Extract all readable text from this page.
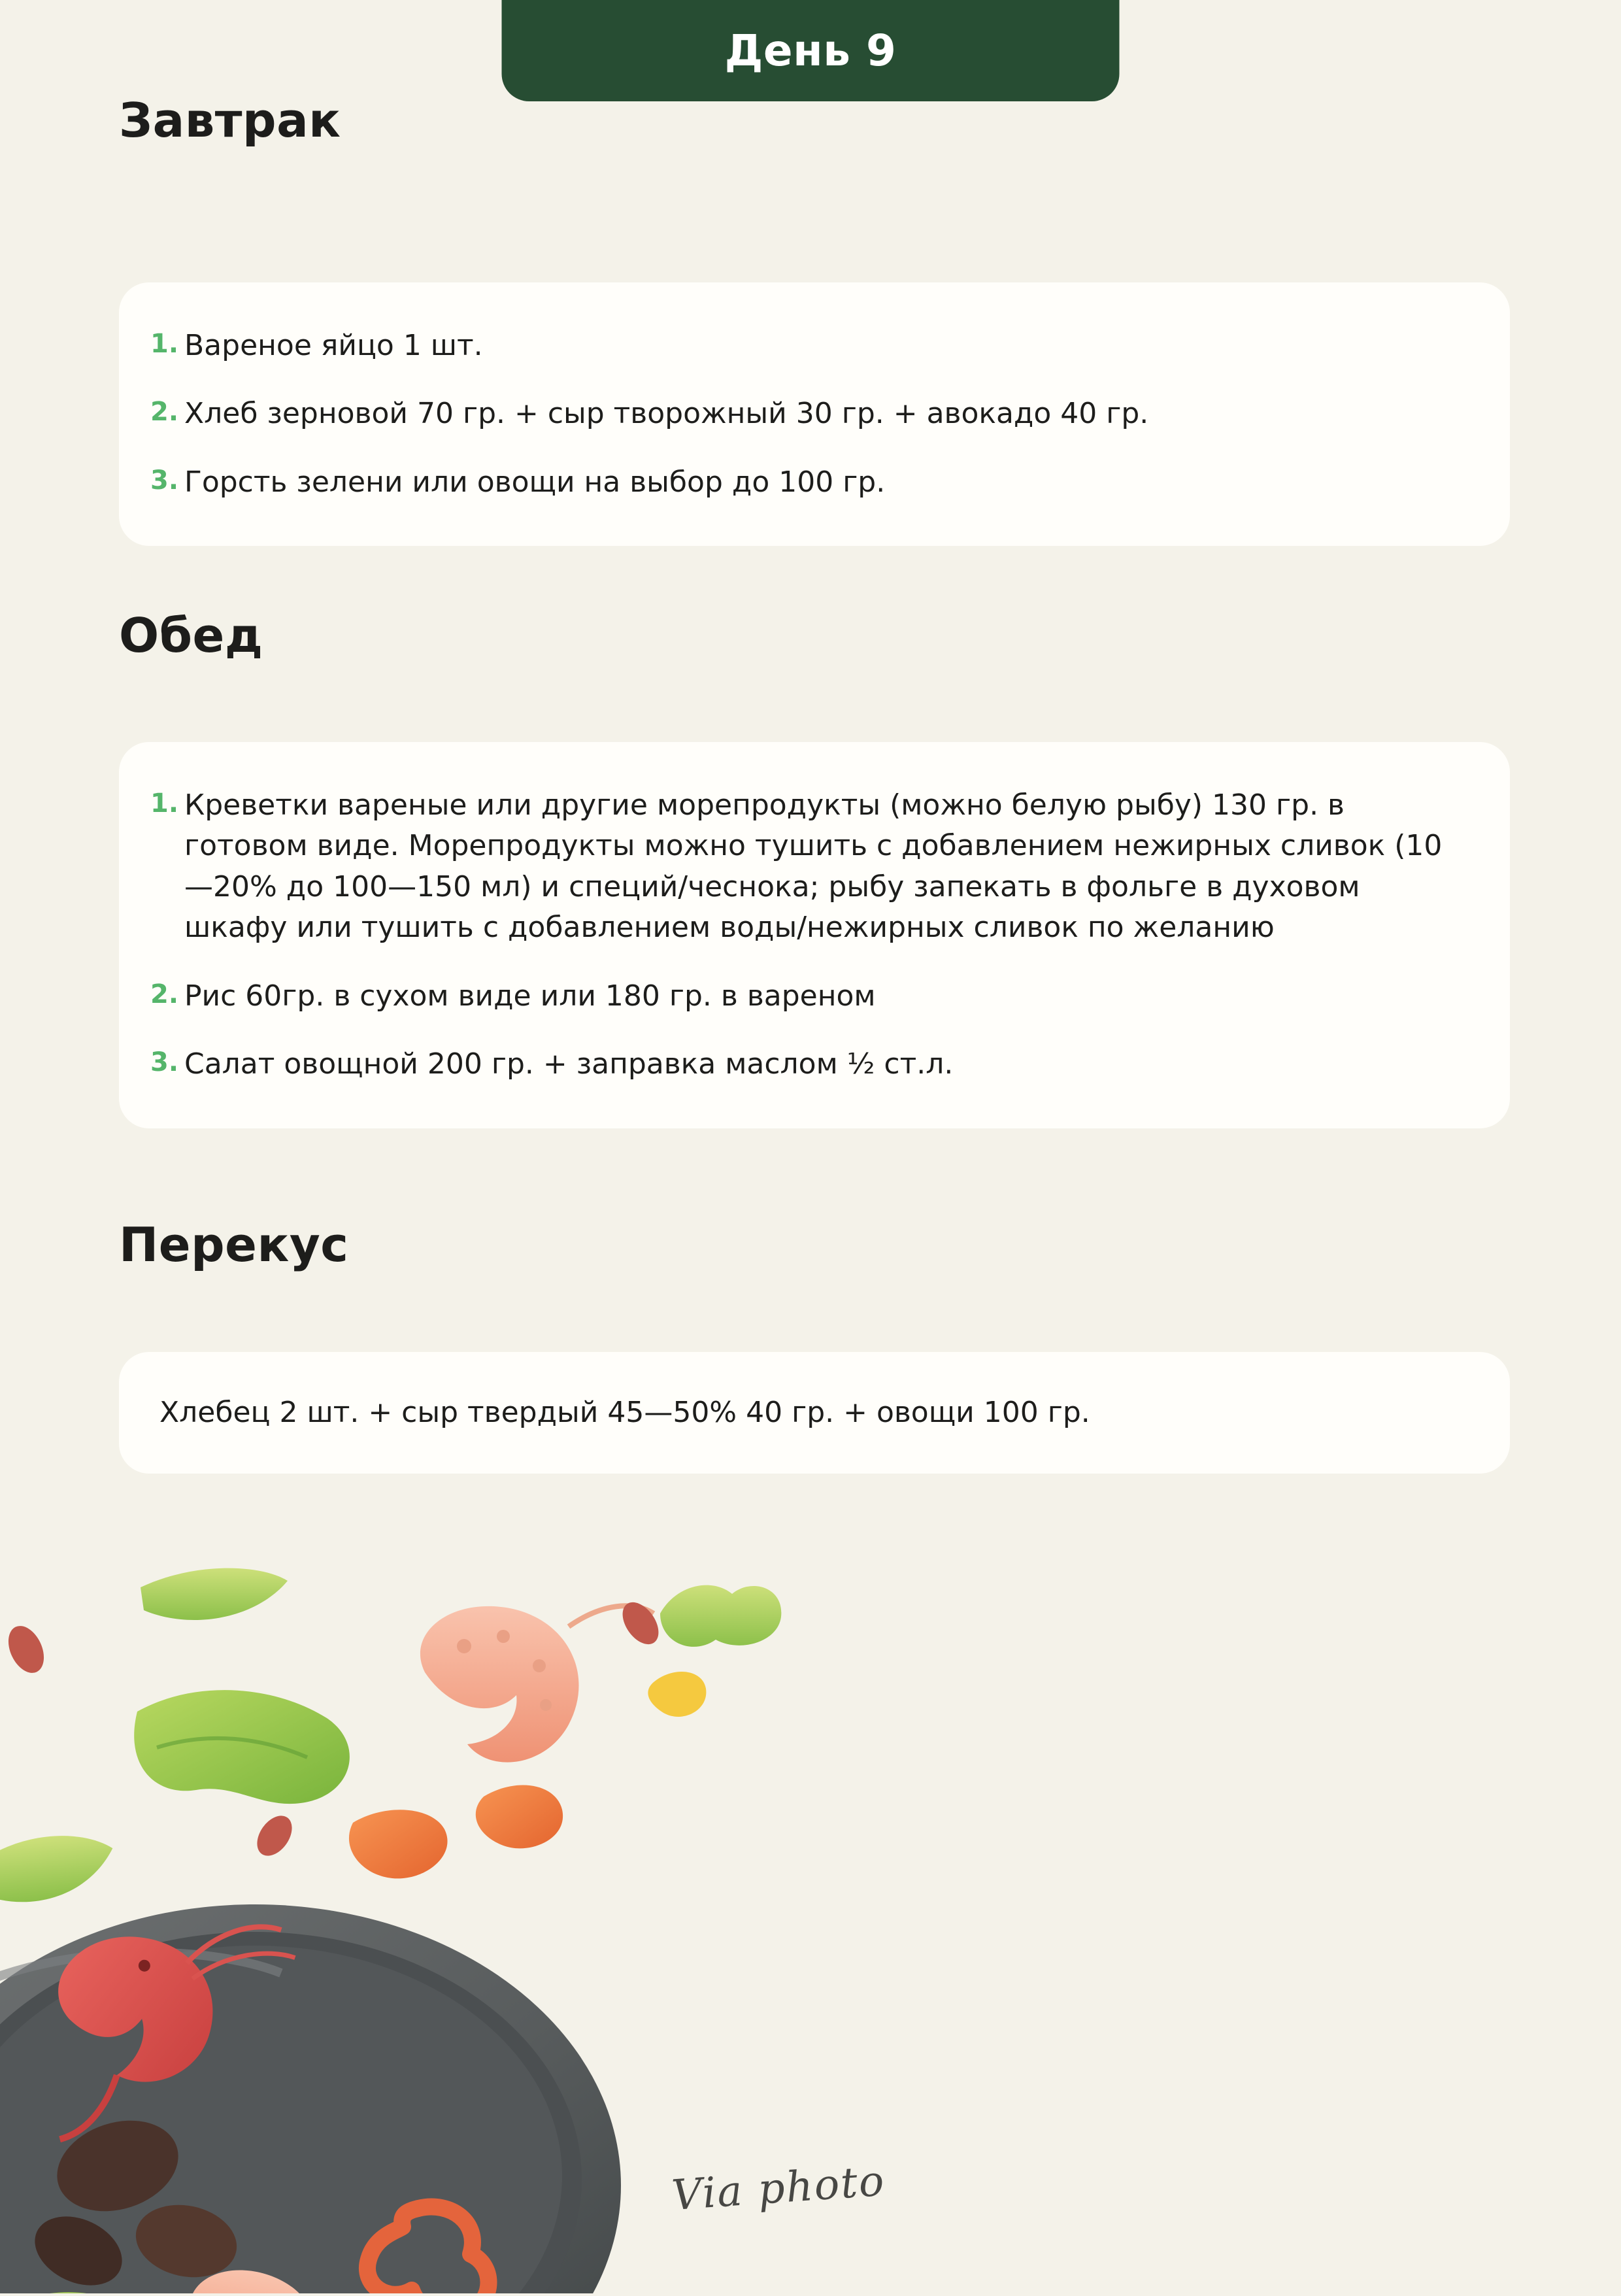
День 9
Завтрак
1. Вареное яйцо 1 шт.
2. Хлеб зерновой 70 гр. + сыр творожный 30 гр. + авокадо 40 гр.
3. Горсть зелени или овощи на выбор до 100 гр.
Обед
1. Креветки вареные или другие морепродукты (можно белую рыбу) 130 гр. в готовом виде. Морепродукты можно тушить с добавлением нежирных сливок (10—20% до 100—150 мл) и специй/чеснока; рыбу запекать в фольге в духовом шкафу или тушить с добавлением воды/нежирных сливок по желанию
2. Рис 60гр. в сухом виде или 180 гр. в вареном
3. Салат овощной 200 гр. + заправка маслом ½ ст.л.
Перекус
Хлебец 2 шт. + сыр твердый 45—50% 40 гр. + овощи 100 гр.
Via photo
